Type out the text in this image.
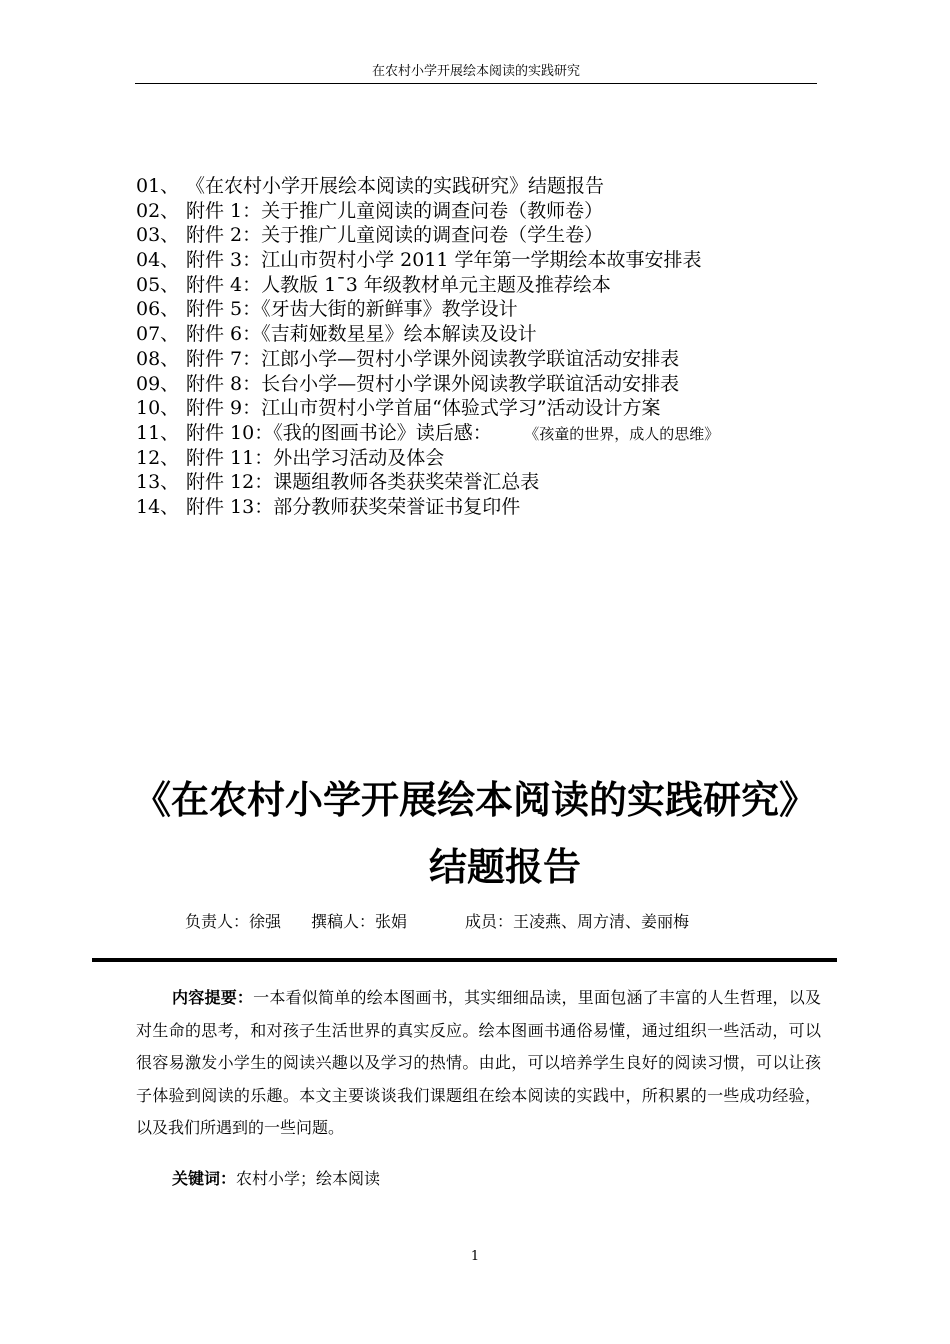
在农村小学开展绘本阅读的实践研究
01、 《在农村小学开展绘本阅读的实践研究》结题报告
02、 附件 1：关于推广儿童阅读的调查问卷（教师卷）
03、 附件 2：关于推广儿童阅读的调查问卷（学生卷）
04、 附件 3：江山市贺村小学 2011 学年第一学期绘本故事安排表
05、 附件 4：人教版 1¯3 年级教材单元主题及推荐绘本
06、 附件 5：《牙齿大街的新鲜事》教学设计
07、 附件 6：《吉莉娅数星星》绘本解读及设计
08、 附件 7：江郎小学—贺村小学课外阅读教学联谊活动安排表
09、 附件 8：长台小学—贺村小学课外阅读教学联谊活动安排表
10、 附件 9：江山市贺村小学首届“体验式学习”活动设计方案
11、 附件 10：《我的图画书论》读后感：	《孩童的世界，成人的思维》
12、 附件 11：外出学习活动及体会
13、 附件 12：课题组教师各类获奖荣誉汇总表
14、 附件 13：部分教师获奖荣誉证书复印件
《在农村小学开展绘本阅读的实践研究》
结题报告
负责人：徐强 撰稿人：张娟	成员：王凌燕、周方清、姜丽梅

内容提要：一本看似简单的绘本图画书，其实细细品读，里面包涵了丰富的人生哲理，以及对生命的思考，和对孩子生活世界的真实反应。绘本图画书通俗易懂，通过组织一些活动，可以很容易激发小学生的阅读兴趣以及学习的热情。由此，可以培养学生良好的阅读习惯，可以让孩子体验到阅读的乐趣。本文主要谈谈我们课题组在绘本阅读的实践中，所积累的一些成功经验，以及我们所遇到的一些问题。

关键词：农村小学；绘本阅读
1
